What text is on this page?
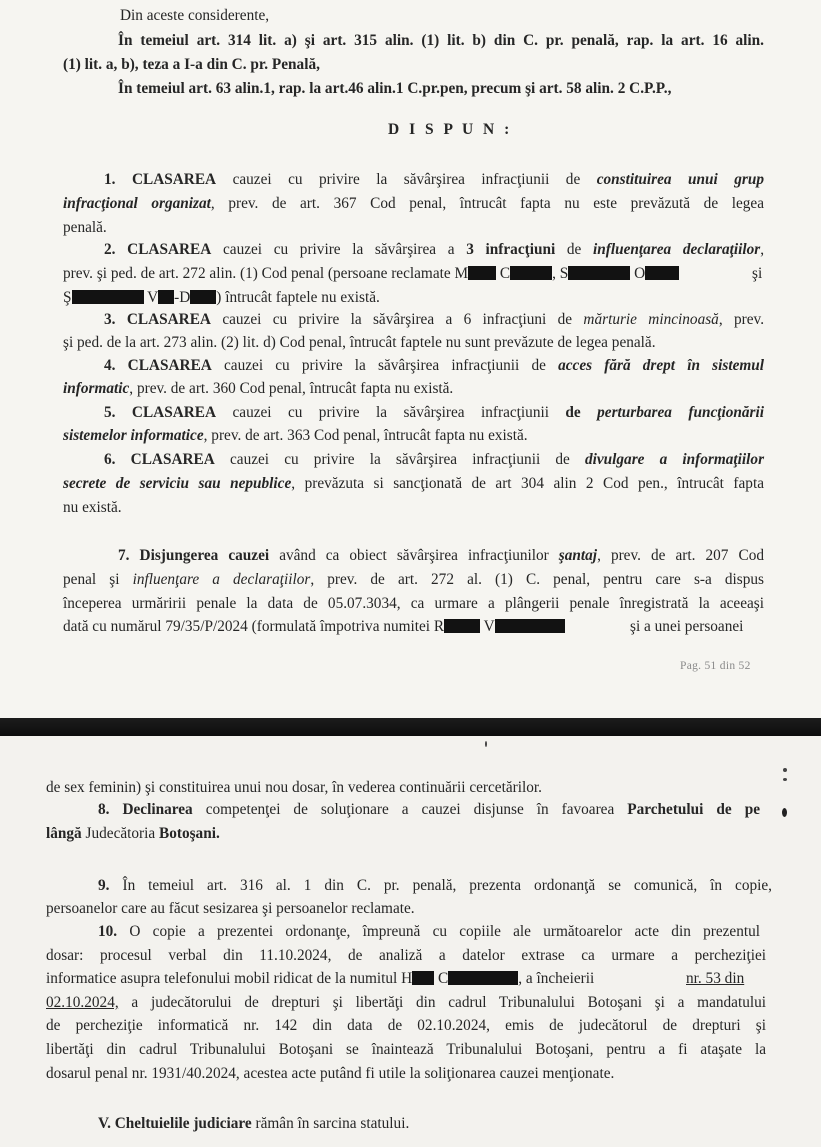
Din aceste considerente,
În temeiul art. 314 lit. a) şi art. 315 alin. (1) lit. b) din C. pr. penală, rap. la art. 16 alin.
(1) lit. a, b), teza a I-a din C. pr. Penală,
În temeiul art. 63 alin.1, rap. la art.46 alin.1 C.pr.pen, precum şi art. 58 alin. 2 C.P.P.,
D I S P U N :
1. CLASAREA cauzei cu privire la săvârşirea infracţiunii de constituirea unui grup
infracţional organizat, prev. de art. 367 Cod penal, întrucât fapta nu este prevăzută de legea
penală.
2. CLASAREA cauzei cu privire la săvârşirea a 3 infracţiuni de influenţarea declaraţiilor,
prev. şi ped. de art. 272 alin. (1) Cod penal (persoane reclamate M C	, S	O	şi
Ş	V -D ) întrucât faptele nu există.
3. CLASAREA cauzei cu privire la săvârşirea a 6 infracţiuni de mărturie mincinoasă, prev.
şi ped. de la art. 273 alin. (2) lit. d) Cod penal, întrucât faptele nu sunt prevăzute de legea penală.
4. CLASAREA cauzei cu privire la săvârşirea infracţiunii de acces fără drept în sistemul
informatic, prev. de art. 360 Cod penal, întrucât fapta nu există.
5. CLASAREA cauzei cu privire la săvârşirea infracţiunii de perturbarea funcţionării
sistemelor informatice, prev. de art. 363 Cod penal, întrucât fapta nu există.
6. CLASAREA cauzei cu privire la săvârşirea infracţiunii de divulgare a informaţiilor
secrete de serviciu sau nepublice, prevăzuta si sancţionată de art 304 alin 2 Cod pen., întrucât fapta
nu există.
7. Disjungerea cauzei având ca obiect săvârşirea infracţiunilor şantaj, prev. de art. 207 Cod
penal şi influenţare a declaraţiilor, prev. de art. 272 al. (1) C. penal, pentru care s-a dispus
începerea urmăririi penale la data de 05.07.3034, ca urmare a plângerii penale înregistrată la aceeaşi
dată cu numărul 79/35/P/2024 (formulată împotriva numitei R	V	şi a unei persoanei
Pag. 51 din 52
de sex feminin) şi constituirea unui nou dosar, în vederea continuării cercetărilor.
8. Declinarea competenţei de soluţionare a cauzei disjunse în favoarea Parchetului de pe
lângă Judecătoria Botoşani.
9. În temeiul art. 316 al. 1 din C. pr. penală, prezenta ordonanţă se comunică, în copie,
persoanelor care au făcut sesizarea şi persoanelor reclamate.
10. O copie a prezentei ordonanţe, împreună cu copiile ale următoarelor acte din prezentul
dosar: procesul verbal din 11.10.2024, de analiză a datelor extrase ca urmare a percheziţiei
informatice asupra telefonului mobil ridicat de la numitul H C	, a încheierii	nr. 53 din
02.10.2024, a judecătorului de drepturi şi libertăţi din cadrul Tribunalului Botoşani şi a mandatului
de percheziţie informatică nr. 142 din data de 02.10.2024, emis de judecătorul de drepturi şi
libertăţi din cadrul Tribunalului Botoşani se înaintează Tribunalului Botoşani, pentru a fi ataşate la
dosarul penal nr. 1931/40.2024, acestea acte putând fi utile la soliţionarea cauzei menţionate.
V. Cheltuielile judiciare rămân în sarcina statului.
